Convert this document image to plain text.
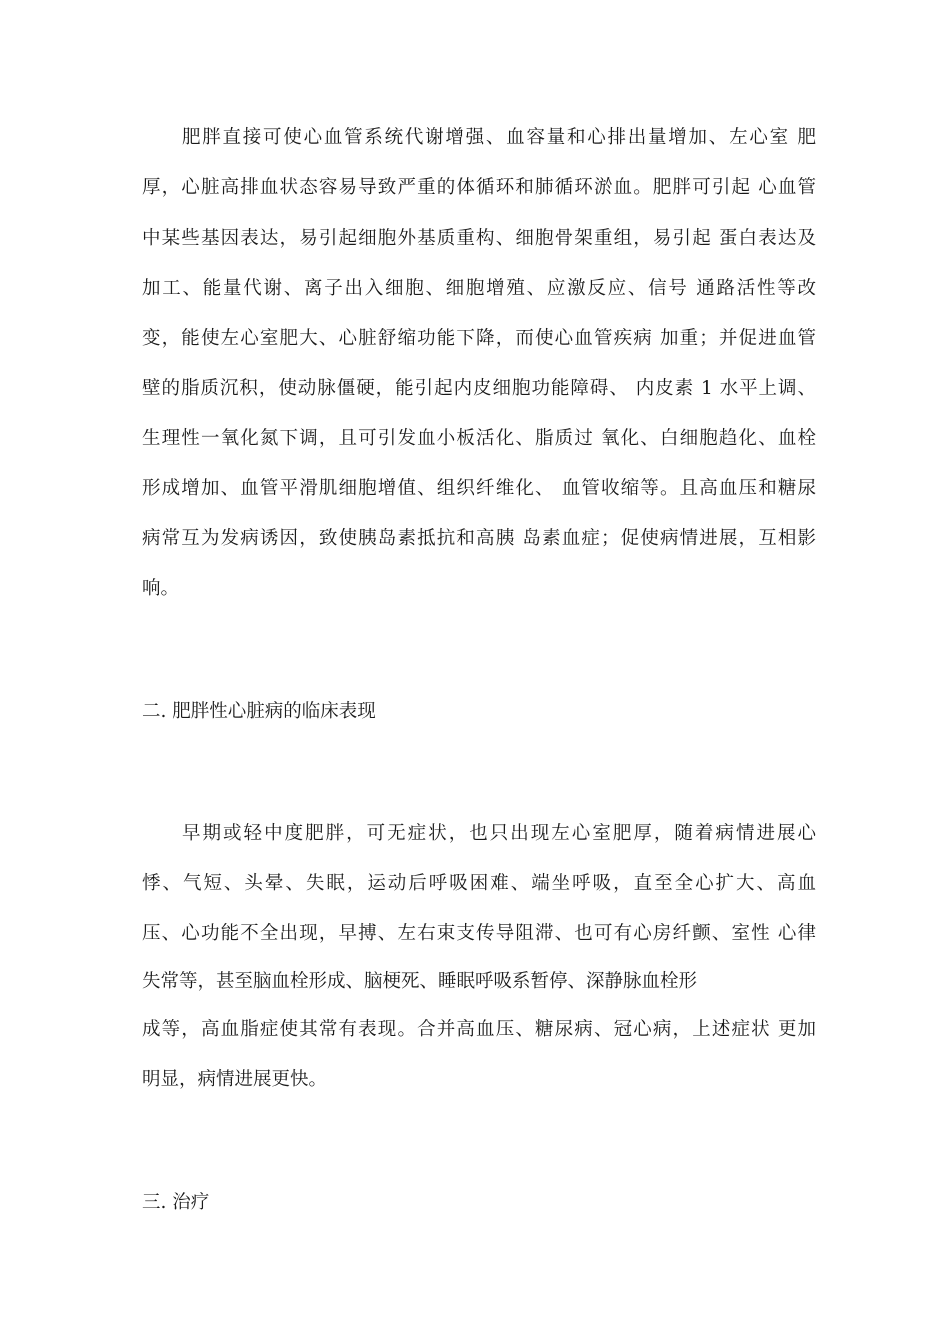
肥胖直接可使心血管系统代谢增强、血容量和心排出量增加、左心室 肥
厚，心脏高排血状态容易导致严重的体循环和肺循环淤血。肥胖可引起 心血管
中某些基因表达，易引起细胞外基质重构、细胞骨架重组，易引起 蛋白表达及
加工、能量代谢、离子出入细胞、细胞增殖、应激反应、信号 通路活性等改
变，能使左心室肥大、心脏舒缩功能下降，而使心血管疾病 加重；并促进血管
壁的脂质沉积，使动脉僵硬，能引起内皮细胞功能障碍、 内皮素 1 水平上调、
生理性一氧化氮下调，且可引发血小板活化、脂质过 氧化、白细胞趋化、血栓
形成增加、血管平滑肌细胞增值、组织纤维化、 血管收缩等。且高血压和糖尿
病常互为发病诱因，致使胰岛素抵抗和高胰 岛素血症；促使病情进展，互相影
响。
二. 肥胖性心脏病的临床表现
早期或轻中度肥胖，可无症状，也只出现左心室肥厚，随着病情进展心
悸、气短、头晕、失眠，运动后呼吸困难、端坐呼吸，直至全心扩大、高血
压、心功能不全出现，早搏、左右束支传导阻滞、也可有心房纤颤、室性 心律
失常等，甚至脑血栓形成、脑梗死、睡眠呼吸系暂停、深静脉血栓形
成等，高血脂症使其常有表现。合并高血压、糖尿病、冠心病，上述症状 更加
明显，病情进展更快。
三. 治疗
